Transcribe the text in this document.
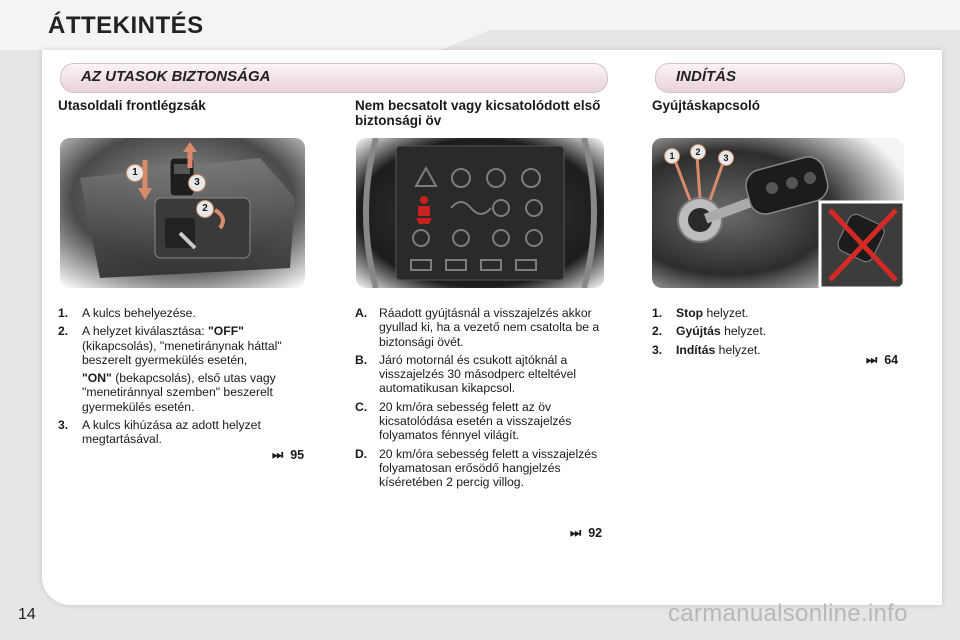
ÁTTEKINTÉS
AZ UTASOK BIZTONSÁGA	INDÍTÁS
Utasoldali frontlégzsák	Nem becsatolt vagy kicsatolódott első biztonsági öv
Gyújtáskapcsoló
1
2
3
1	2
3
1. A kulcs behelyezése.
2. A helyzet kiválasztása: "OFF"
(kikapcsolás), "menetiránynak háttal" beszerelt gyermekülés esetén,
"ON" (bekapcsolás), első utas vagy "menetiránnyal szemben" beszerelt gyermekülés esetén.
3. A kulcs kihúzása az adott helyzet megtartásával.
⏭ 95
A. Ráadott gyújtásnál a visszajelzés akkor gyullad ki, ha a vezető nem csatolta be a biztonsági övét.
B. Járó motornál és csukott ajtóknál a visszajelzés 30 másodperc elteltével automatikusan kikapcsol.
C. 20 km/óra sebesség felett az öv kicsatolódása esetén a visszajelzés folyamatos fénnyel világít.
D. 20 km/óra sebesség felett a visszajelzés folyamatosan erősödő hangjelzés kíséretében 2 percig villog.
⏭ 92
1. Stop helyzet.
2. Gyújtás helyzet.
3. Indítás helyzet.
⏭ 64
14	carmanualsonline.info
